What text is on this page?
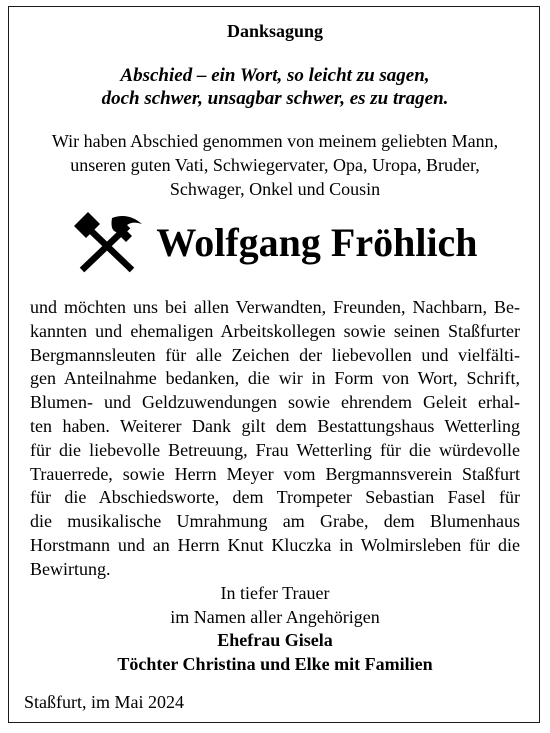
Danksagung
Abschied – ein Wort, so leicht zu sagen,
doch schwer, unsagbar schwer, es zu tragen.
Wir haben Abschied genommen von meinem geliebten Mann,
unseren guten Vati, Schwiegervater, Opa, Uropa, Bruder,
Schwager, Onkel und Cousin
Wolfgang Fröhlich
und möchten uns bei allen Verwandten, Freunden, Nachbarn, Be-
kannten und ehemaligen Arbeitskollegen sowie seinen Staßfurter
Bergmannsleuten für alle Zeichen der liebevollen und vielfälti-
gen Anteilnahme bedanken, die wir in Form von Wort, Schrift,
Blumen- und Geldzuwendungen sowie ehrendem Geleit erhal-
ten haben. Weiterer Dank gilt dem Bestattungshaus Wetterling
für die liebevolle Betreuung, Frau Wetterling für die würdevolle
Trauerrede, sowie Herrn Meyer vom Bergmannsverein Staßfurt
für die Abschiedsworte, dem Trompeter Sebastian Fasel für
die musikalische Umrahmung am Grabe, dem Blumenhaus
Horstmann und an Herrn Knut Kluczka in Wolmirsleben für die
Bewirtung.
In tiefer Trauer
im Namen aller Angehörigen
Ehefrau Gisela
Töchter Christina und Elke mit Familien
Staßfurt, im Mai 2024
